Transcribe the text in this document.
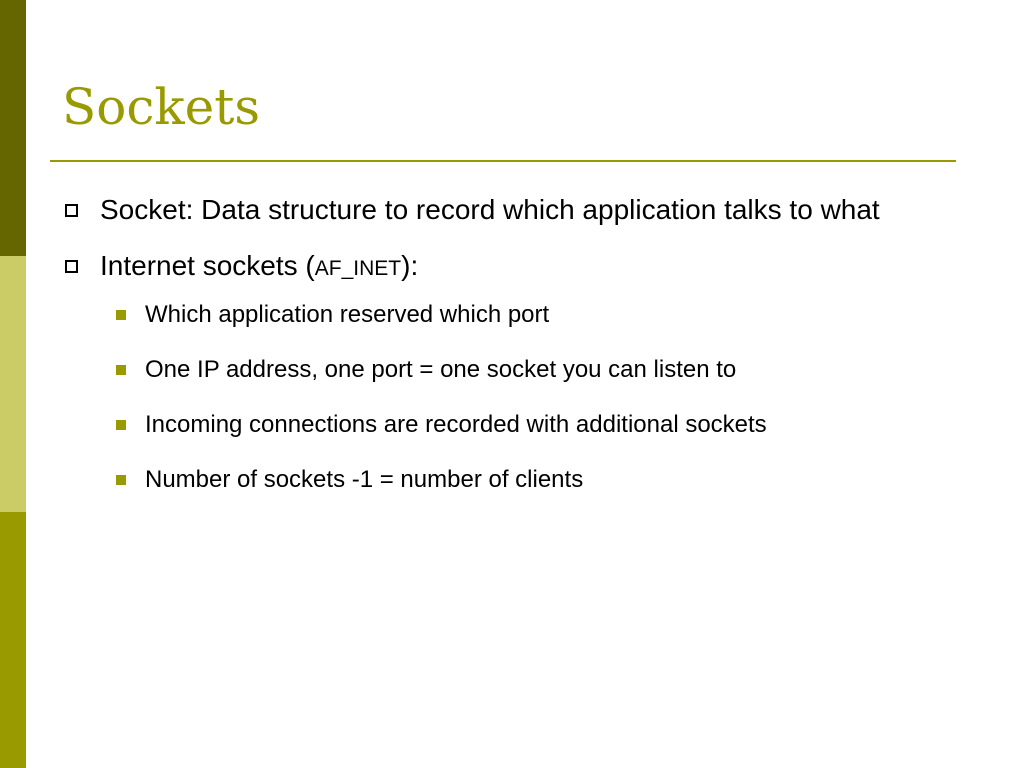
Sockets
Socket: Data structure to record which application talks to what
Internet sockets (AF_INET):
Which application reserved which port
One IP address, one port = one socket you can listen to
Incoming connections are recorded with additional sockets
Number of sockets -1 = number of clients
